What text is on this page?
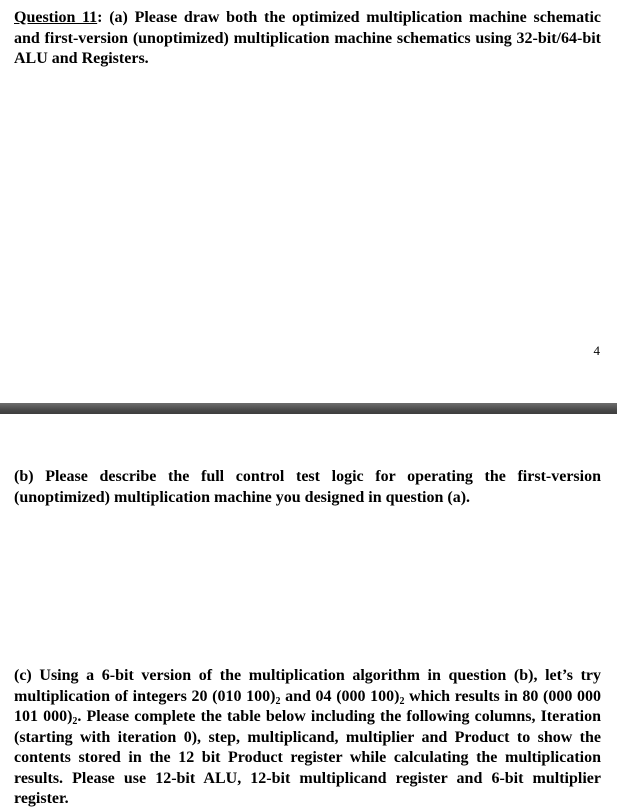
Question 11: (a) Please draw both the optimized multiplication machine schematic and first-version (unoptimized) multiplication machine schematics using 32-bit/64-bit ALU and Registers.

4

(b) Please describe the full control test logic for operating the first-version (unoptimized) multiplication machine you designed in question (a).

(c) Using a 6-bit version of the multiplication algorithm in question (b), let’s try multiplication of integers 20 (010 $100)_2$ and 04 (000 $100)_2$ which results in 80 (000 000 101 $000)_2$. Please complete the table below including the following columns, Iteration (starting with iteration 0), step, multiplicand, multiplier and Product to show the contents stored in the 12 bit Product register while calculating the multiplication results. Please use 12-bit ALU, 12-bit multiplicand register and 6-bit multiplier register.
